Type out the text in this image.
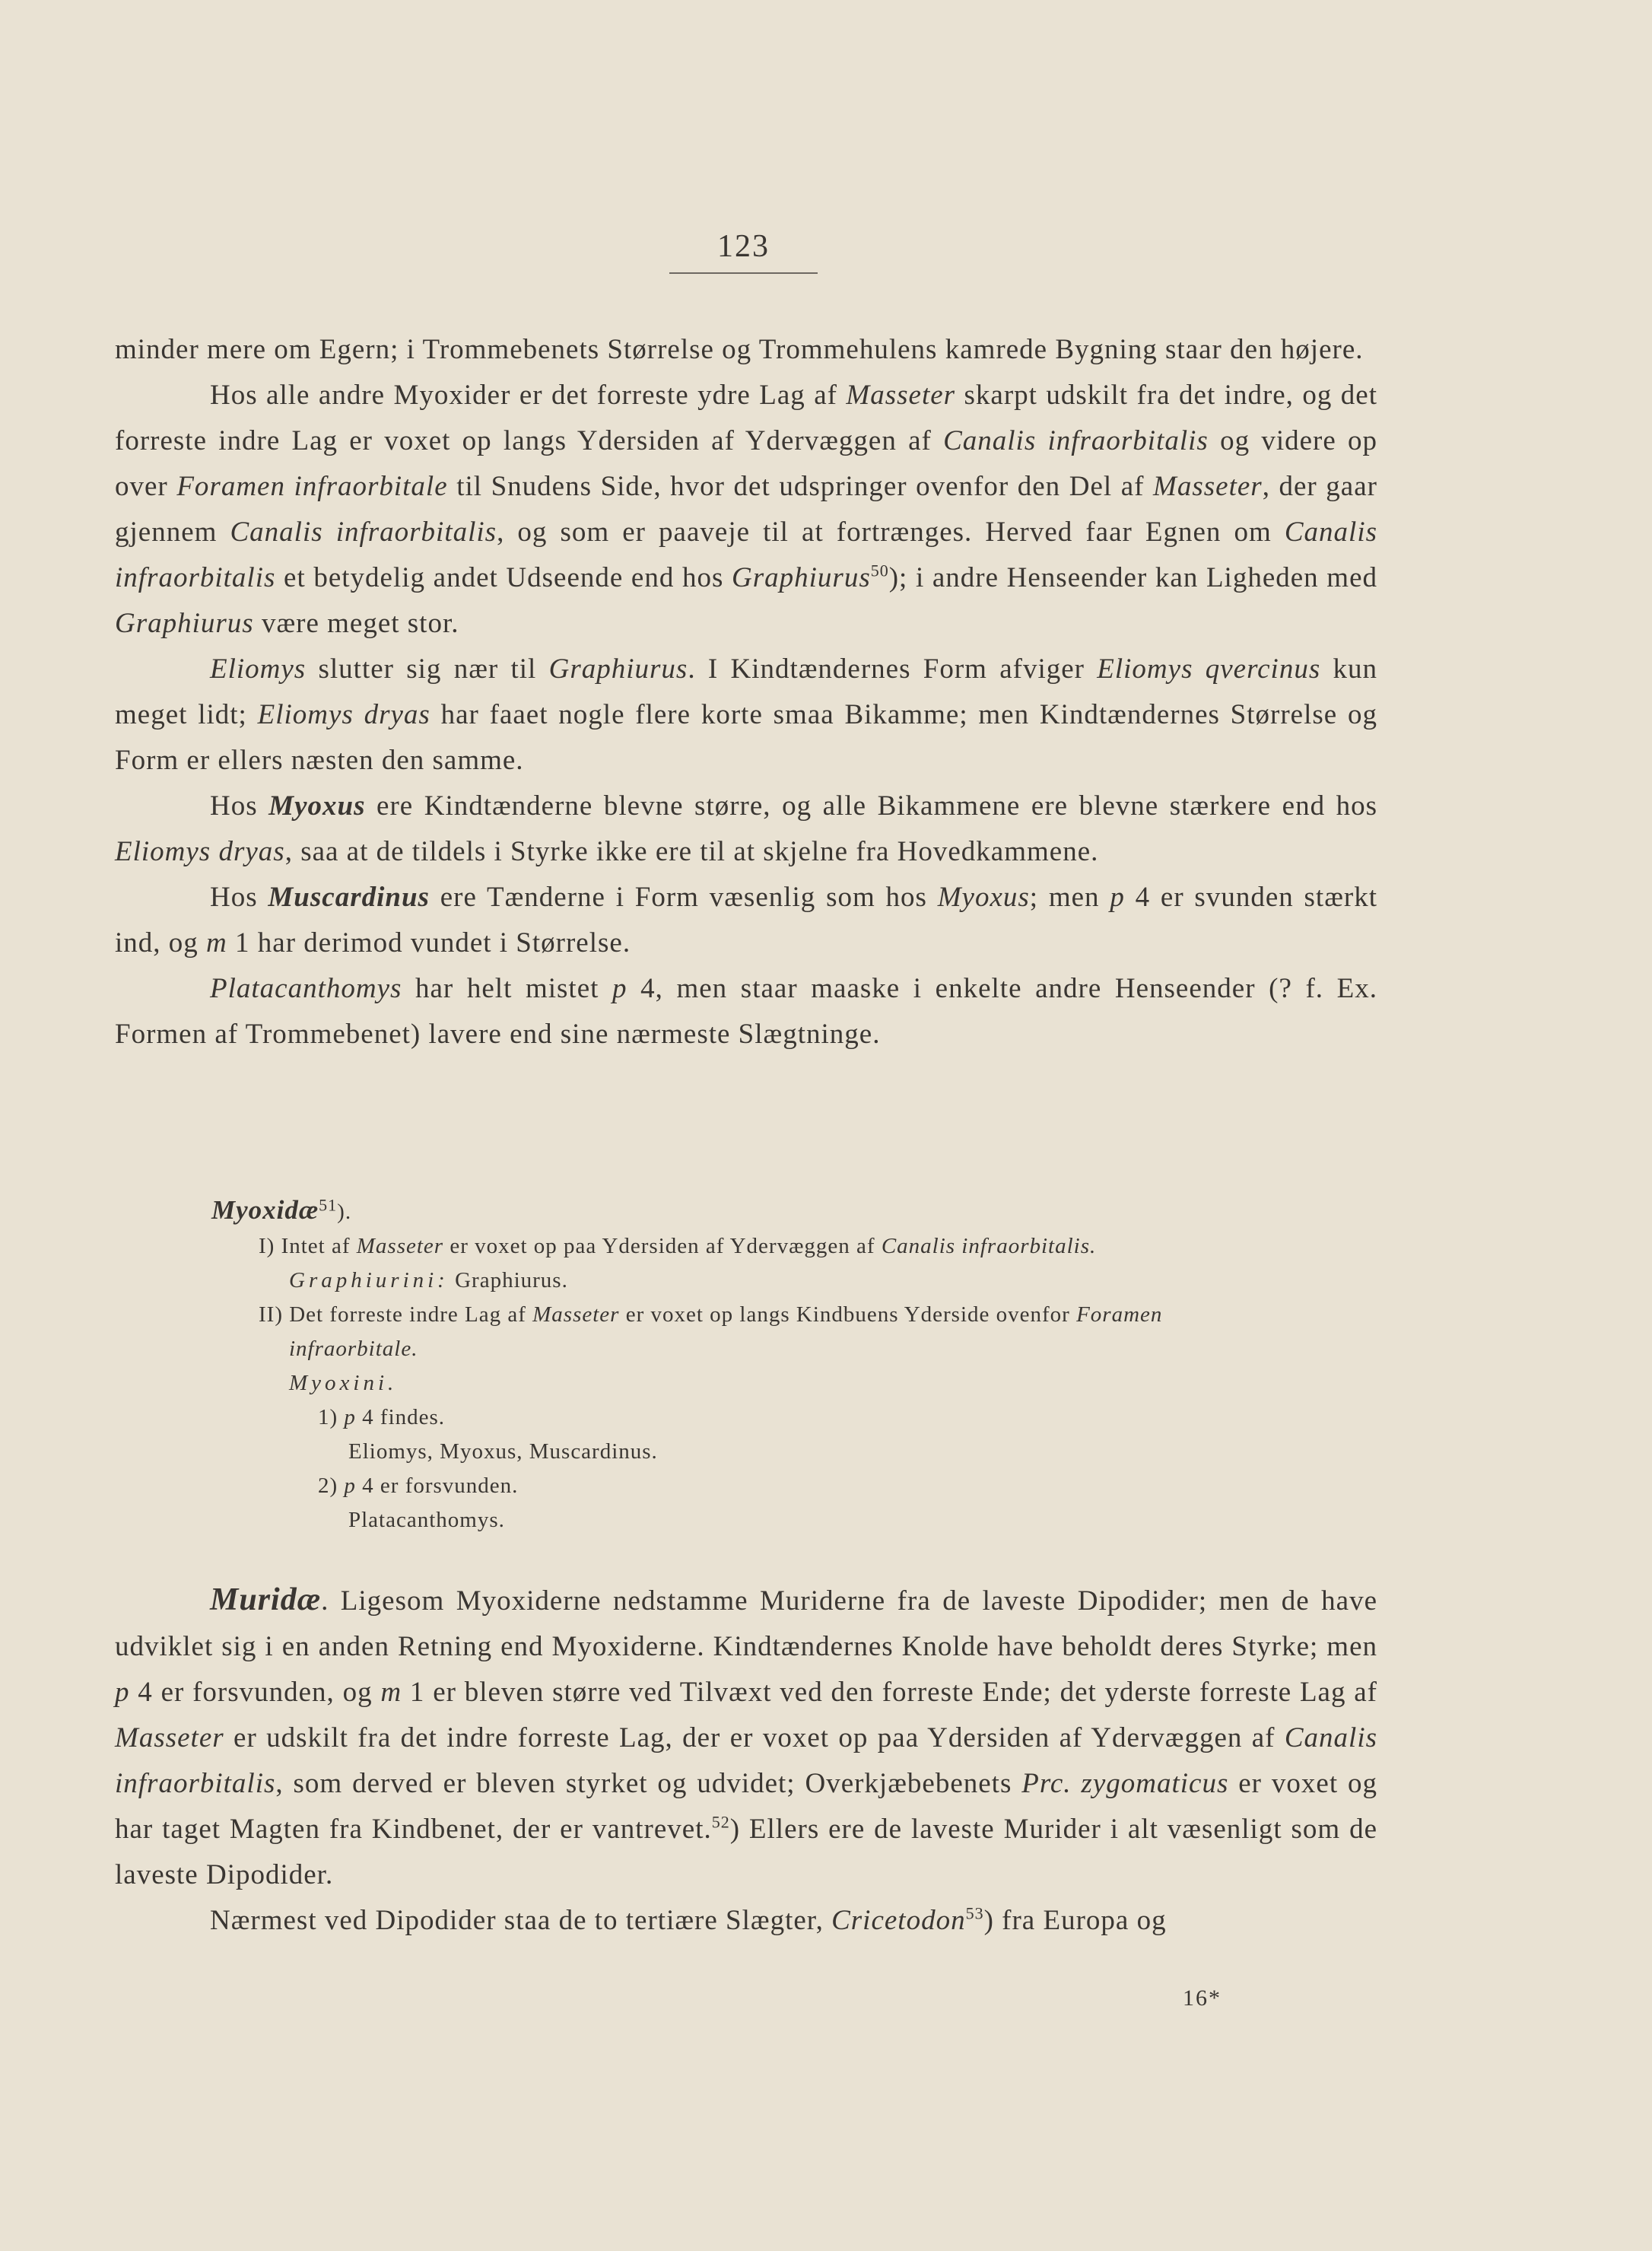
123

minder mere om Egern; i Trommebenets Størrelse og Trommehulens kamrede Bygning staar den højere.

Hos alle andre Myoxider er det forreste ydre Lag af Masseter skarpt udskilt fra det indre, og det forreste indre Lag er voxet op langs Ydersiden af Ydervæggen af Canalis infraorbitalis og videre op over Foramen infraorbitale til Snudens Side, hvor det udspringer ovenfor den Del af Masseter, der gaar gjennem Canalis infraorbitalis, og som er paaveje til at fortrænges. Herved faar Egnen om Canalis infraorbitalis et betydelig andet Udseende end hos Graphiurus$^{50}$); i andre Henseender kan Ligheden med Graphiurus være meget stor.

Eliomys slutter sig nær til Graphiurus. I Kindtændernes Form afviger Eliomys qvercinus kun meget lidt; Eliomys dryas har faaet nogle flere korte smaa Bikamme; men Kindtændernes Størrelse og Form er ellers næsten den samme.

Hos Myoxus ere Kindtænderne blevne større, og alle Bikammene ere blevne stærkere end hos Eliomys dryas, saa at de tildels i Styrke ikke ere til at skjelne fra Hovedkammene.

Hos Muscardinus ere Tænderne i Form væsenlig som hos Myoxus; men p 4 er svunden stærkt ind, og m 1 har derimod vundet i Størrelse.

Platacanthomys har helt mistet p 4, men staar maaske i enkelte andre Henseender (? f. Ex. Formen af Trommebenet) lavere end sine nærmeste Slægtninge.

Myoxidæ$^{51}$).
I) Intet af Masseter er voxet op paa Ydersiden af Ydervæggen af Canalis infraorbitalis.
Graphiurini: Graphiurus.
II) Det forreste indre Lag af Masseter er voxet op langs Kindbuens Yderside ovenfor Foramen
infraorbitale.
Myoxini.
1) p 4 findes.
Eliomys, Myoxus, Muscardinus.
2) p 4 er forsvunden.
Platacanthomys.

Muridæ. Ligesom Myoxiderne nedstamme Muriderne fra de laveste Dipodider; men de have udviklet sig i en anden Retning end Myoxiderne. Kindtændernes Knolde have beholdt deres Styrke; men p 4 er forsvunden, og m 1 er bleven større ved Tilvæxt ved den forreste Ende; det yderste forreste Lag af Masseter er udskilt fra det indre forreste Lag, der er voxet op paa Ydersiden af Ydervæggen af Canalis infraorbitalis, som derved er bleven styrket og udvidet; Overkjæbebenets Prc. zygomaticus er voxet og har taget Magten fra Kindbenet, der er vantrevet.$^{52}$) Ellers ere de laveste Murider i alt væsenligt som de laveste Dipodider.

Nærmest ved Dipodider staa de to tertiære Slægter, Cricetodon$^{53}$) fra Europa og

16*
